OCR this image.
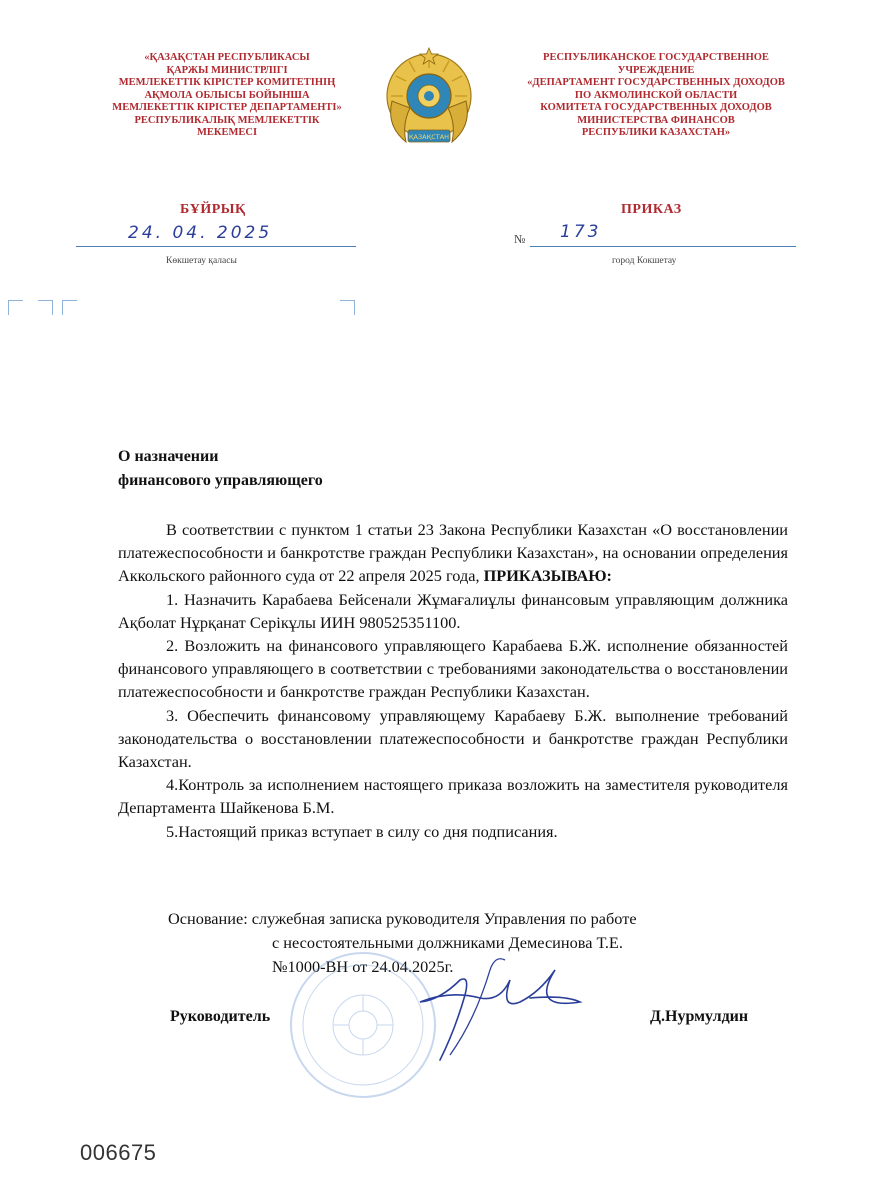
«ҚАЗАҚСТАН РЕСПУБЛИКАСЫ
ҚАРЖЫ МИНИСТРЛІГІ
МЕМЛЕКЕТТІК КІРІСТЕР КОМИТЕТІНІҢ
АҚМОЛА ОБЛЫСЫ БОЙЫНША
МЕМЛЕКЕТТІК КІРІСТЕР ДЕПАРТАМЕНТІ»
РЕСПУБЛИКАЛЫҚ МЕМЛЕКЕТТІК
МЕКЕМЕСІ	ҚАЗАҚСТАН
РЕСПУБЛИКАНСКОЕ ГОСУДАРСТВЕННОЕ
УЧРЕЖДЕНИЕ
«ДЕПАРТАМЕНТ ГОСУДАРСТВЕННЫХ ДОХОДОВ
ПО АКМОЛИНСКОЙ ОБЛАСТИ
КОМИТЕТА ГОСУДАРСТВЕННЫХ ДОХОДОВ
МИНИСТЕРСТВА ФИНАНСОВ
РЕСПУБЛИКИ КАЗАХСТАН»
БҰЙРЫҚ	ПРИКАЗ
24. 04. 2025
Көкшетау қаласы
№ 173
город Кокшетау
О назначении
финансового управляющего

В соответствии с пунктом 1 статьи 23 Закона Республики Казахстан «О восстановлении платежеспособности и банкротстве граждан Республики Казахстан», на основании определения Аккольского районного суда от 22 апреля 2025 года, ПРИКАЗЫВАЮ:

1. Назначить Карабаева Бейсенали Жұмағалиұлы финансовым управляющим должника Ақболат Нұрқанат Серікұлы ИИН 980525351100.

2. Возложить на финансового управляющего Карабаева Б.Ж. исполнение обязанностей финансового управляющего в соответствии с требованиями законодательства о восстановлении платежеспособности и банкротстве граждан Республики Казахстан.

3. Обеспечить финансовому управляющему Карабаеву Б.Ж. выполнение требований законодательства о восстановлении платежеспособности и банкротстве граждан Республики Казахстан.

4.Контроль за исполнением настоящего приказа возложить на заместителя руководителя Департамента Шайкенова Б.М.

5.Настоящий приказ вступает в силу со дня подписания.

Основание: служебная записка руководителя Управления по работе
с несостоятельными должниками Демесинова Т.Е.
№1000-ВН от 24.04.2025г.
Руководитель	Д.Нурмулдин
006675
